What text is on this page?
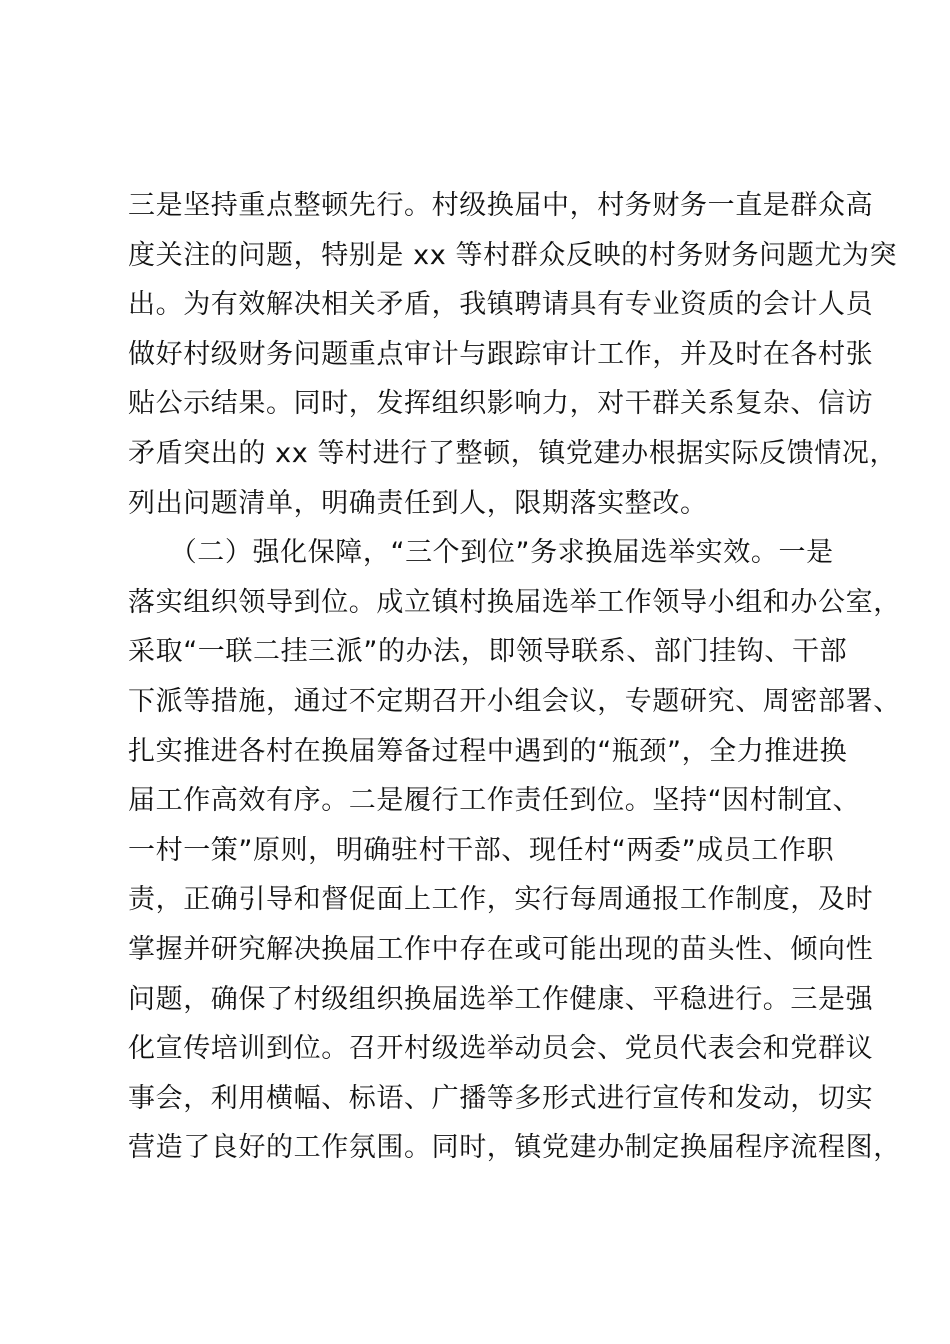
三是坚持重点整顿先行。村级换届中，村务财务一直是群众高
度关注的问题，特别是 xx 等村群众反映的村务财务问题尤为突
出。为有效解决相关矛盾，我镇聘请具有专业资质的会计人员
做好村级财务问题重点审计与跟踪审计工作，并及时在各村张
贴公示结果。同时，发挥组织影响力，对干群关系复杂、信访
矛盾突出的 xx 等村进行了整顿，镇党建办根据实际反馈情况，
列出问题清单，明确责任到人，限期落实整改。
　　（二）强化保障，“三个到位”务求换届选举实效。一是
落实组织领导到位。成立镇村换届选举工作领导小组和办公室，
采取“一联二挂三派”的办法，即领导联系、部门挂钩、干部
下派等措施，通过不定期召开小组会议，专题研究、周密部署、
扎实推进各村在换届筹备过程中遇到的“瓶颈”，全力推进换
届工作高效有序。二是履行工作责任到位。坚持“因村制宜、
一村一策”原则，明确驻村干部、现任村“两委”成员工作职
责，正确引导和督促面上工作，实行每周通报工作制度，及时
掌握并研究解决换届工作中存在或可能出现的苗头性、倾向性
问题，确保了村级组织换届选举工作健康、平稳进行。三是强
化宣传培训到位。召开村级选举动员会、党员代表会和党群议
事会，利用横幅、标语、广播等多形式进行宣传和发动，切实
营造了良好的工作氛围。同时，镇党建办制定换届程序流程图，
